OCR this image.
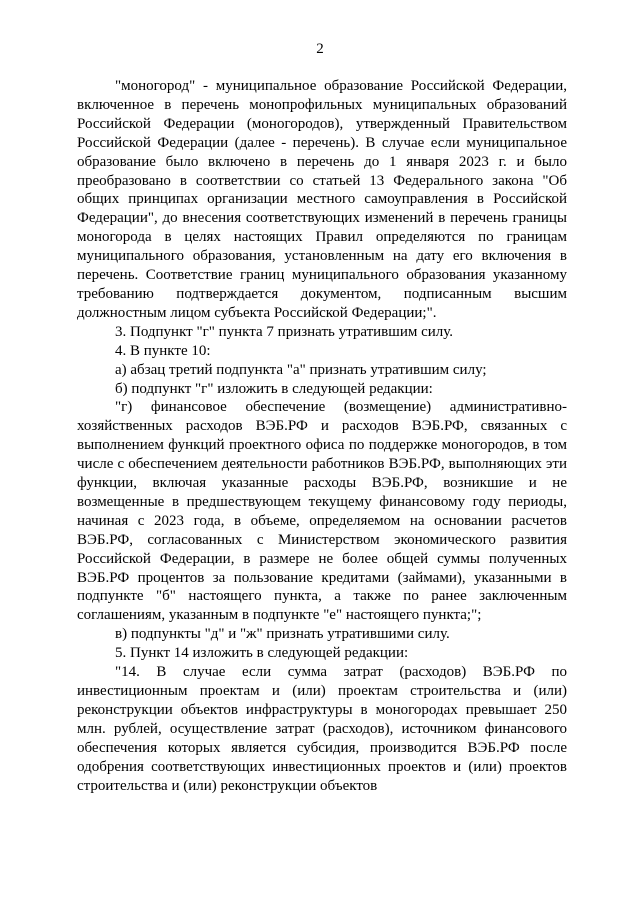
2

"моногород" - муниципальное образование Российской Федерации, включенное в перечень монопрофильных муниципальных образований Российской Федерации (моногородов), утвержденный Правительством Российской Федерации (далее - перечень). В случае если муниципальное образование было включено в перечень до 1 января 2023 г. и было преобразовано в соответствии со статьей 13 Федерального закона "Об общих принципах организации местного самоуправления в Российской Федерации", до внесения соответствующих изменений в перечень границы моногорода в целях настоящих Правил определяются по границам муниципального образования, установленным на дату его включения в перечень. Соответствие границ муниципального образования указанному требованию подтверждается документом, подписанным высшим должностным лицом субъекта Российской Федерации;".

3. Подпункт "г" пункта 7 признать утратившим силу.

4. В пункте 10:

а) абзац третий подпункта "а" признать утратившим силу;

б) подпункт "г" изложить в следующей редакции:

"г) финансовое обеспечение (возмещение) административно-хозяйственных расходов ВЭБ.РФ и расходов ВЭБ.РФ, связанных с выполнением функций проектного офиса по поддержке моногородов, в том числе с обеспечением деятельности работников ВЭБ.РФ, выполняющих эти функции, включая указанные расходы ВЭБ.РФ, возникшие и не возмещенные в предшествующем текущему финансовому году периоды, начиная с 2023 года, в объеме, определяемом на основании расчетов ВЭБ.РФ, согласованных с Министерством экономического развития Российской Федерации, в размере не более общей суммы полученных ВЭБ.РФ процентов за пользование кредитами (займами), указанными в подпункте "б" настоящего пункта, а также по ранее заключенным соглашениям, указанным в подпункте "е" настоящего пункта;";

в) подпункты "д" и "ж" признать утратившими силу.

5. Пункт 14 изложить в следующей редакции:

"14. В случае если сумма затрат (расходов) ВЭБ.РФ по инвестиционным проектам и (или) проектам строительства и (или) реконструкции объектов инфраструктуры в моногородах превышает 250 млн. рублей, осуществление затрат (расходов), источником финансового обеспечения которых является субсидия, производится ВЭБ.РФ после одобрения соответствующих инвестиционных проектов и (или) проектов строительства и (или) реконструкции объектов
